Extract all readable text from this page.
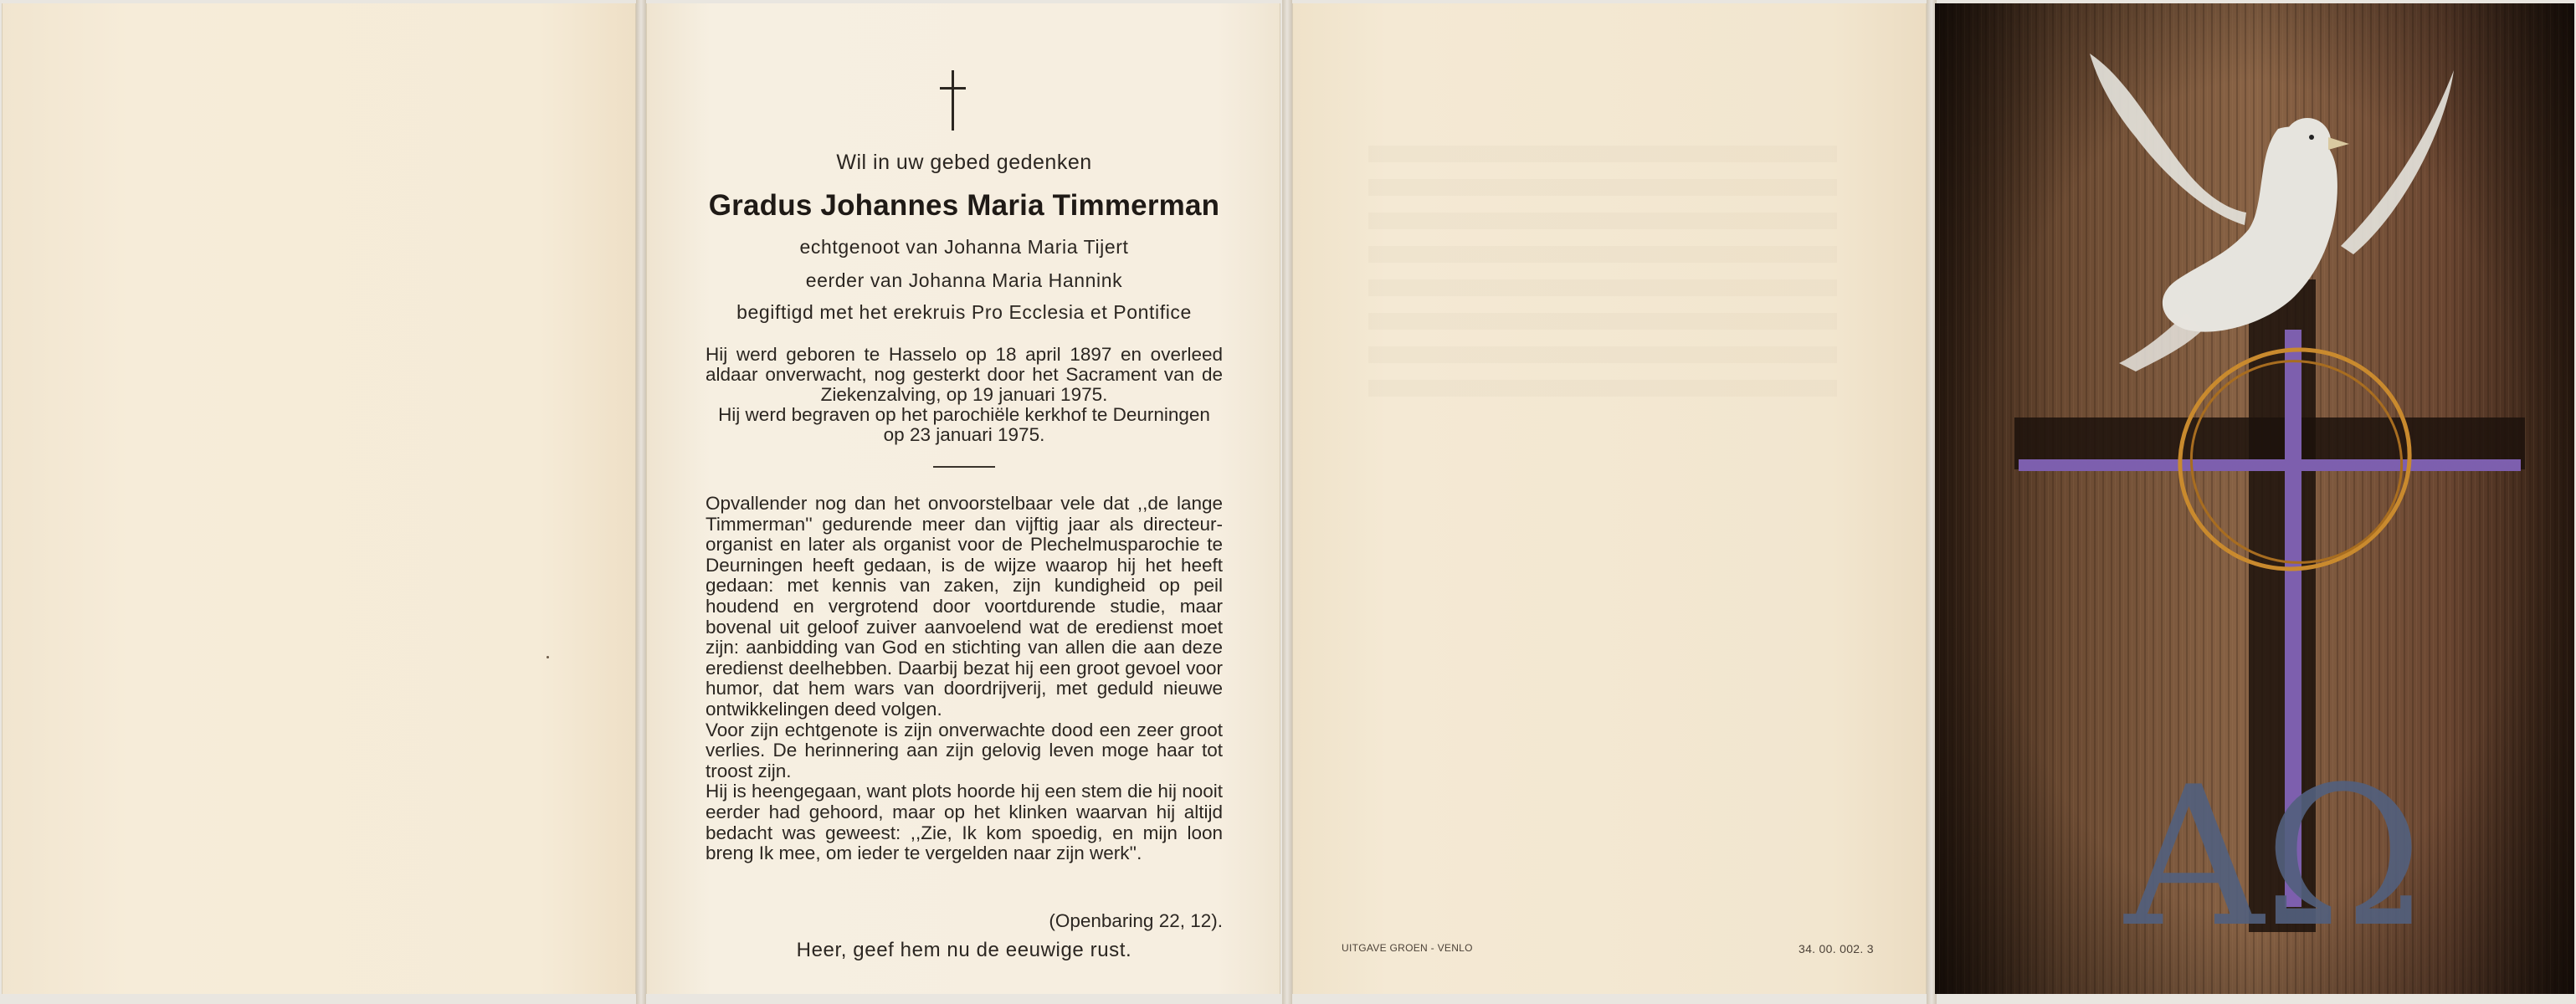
Wil in uw gebed gedenken
Gradus Johannes Maria Timmerman
echtgenoot van Johanna Maria Tijert
eerder van Johanna Maria Hannink
begiftigd met het erekruis Pro Ecclesia et Pontifice
Hij werd geboren te Hasselo op 18 april 1897 en overleed aldaar onverwacht, nog gesterkt door het Sacrament van de Ziekenzalving, op 19 januari 1975.
Hij werd begraven op het parochiële kerkhof te Deurningen op 23 januari 1975.

Opvallender nog dan het onvoorstelbaar vele dat ,,de lange Timmerman'' gedurende meer dan vijftig jaar als directeur-organist en later als organist voor de Plechelmusparochie te Deurningen heeft gedaan, is de wijze waarop hij het heeft gedaan: met kennis van zaken, zijn kundigheid op peil houdend en vergrotend door voortdurende studie, maar bovenal uit geloof zuiver aanvoelend wat de eredienst moet zijn: aanbidding van God en stichting van allen die aan deze eredienst deelhebben. Daarbij bezat hij een groot gevoel voor humor, dat hem wars van doordrijverij, met geduld nieuwe ontwikkelingen deed volgen.

Voor zijn echtgenote is zijn onverwachte dood een zeer groot verlies. De herinnering aan zijn gelovig leven moge haar tot troost zijn.

Hij is heengegaan, want plots hoorde hij een stem die hij nooit eerder had gehoord, maar op het klinken waarvan hij altijd bedacht was geweest: ,,Zie, Ik kom spoedig, en mijn loon breng Ik mee, om ieder te vergelden naar zijn werk''.

(Openbaring 22, 12).
Heer, geef hem nu de eeuwige rust.	UITGAVE GROEN - VENLO	34. 00. 002. 3 AΩ
